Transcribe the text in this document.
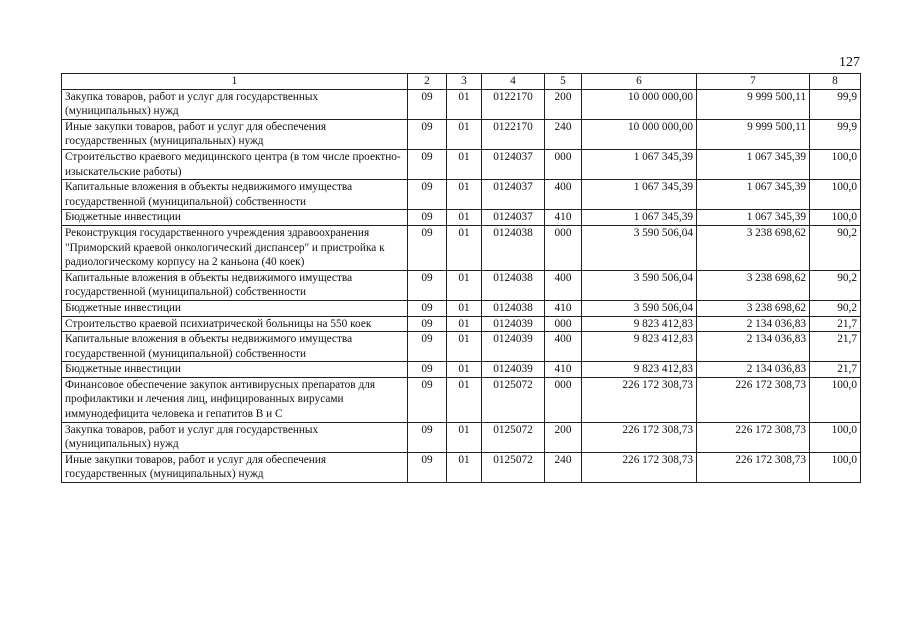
127
1	2	3	4	5	6	7	8
Закупка товаров, работ и услуг для государственных (муниципальных) нужд	09	01	0122170	200	10 000 000,00	9 999 500,11	99,9
Иные закупки товаров, работ и услуг для обеспечения государственных (муниципальных) нужд	09	01	0122170	240	10 000 000,00	9 999 500,11	99,9
Строительство краевого медицинского центра (в том числе проектно-изыскательские работы)	09	01	0124037	000	1 067 345,39	1 067 345,39	100,0
Капитальные вложения в объекты недвижимого имущества государственной (муниципальной) собственности	09	01	0124037	400	1 067 345,39	1 067 345,39	100,0
Бюджетные инвестиции	09	01	0124037	410	1 067 345,39	1 067 345,39	100,0
Реконструкция государственного учреждения здравоохранения "Приморский краевой онкологический диспансер" и пристройка к радиологическому корпусу на 2 каньона (40 коек)	09	01	0124038	000	3 590 506,04	3 238 698,62	90,2
Капитальные вложения в объекты недвижимого имущества государственной (муниципальной) собственности	09	01	0124038	400	3 590 506,04	3 238 698,62	90,2
Бюджетные инвестиции	09	01	0124038	410	3 590 506,04	3 238 698,62	90,2
Строительство краевой психиатрической больницы на 550 коек	09	01	0124039	000	9 823 412,83	2 134 036,83	21,7
Капитальные вложения в объекты недвижимого имущества государственной (муниципальной) собственности	09	01	0124039	400	9 823 412,83	2 134 036,83	21,7
Бюджетные инвестиции	09	01	0124039	410	9 823 412,83	2 134 036,83	21,7
Финансовое обеспечение закупок антивирусных препаратов для профилактики и лечения лиц, инфицированных вирусами иммунодефицита человека и гепатитов В и С	09	01	0125072	000	226 172 308,73	226 172 308,73	100,0
Закупка товаров, работ и услуг для государственных (муниципальных) нужд	09	01	0125072	200	226 172 308,73	226 172 308,73	100,0
Иные закупки товаров, работ и услуг для обеспечения государственных (муниципальных) нужд	09	01	0125072	240	226 172 308,73	226 172 308,73	100,0
